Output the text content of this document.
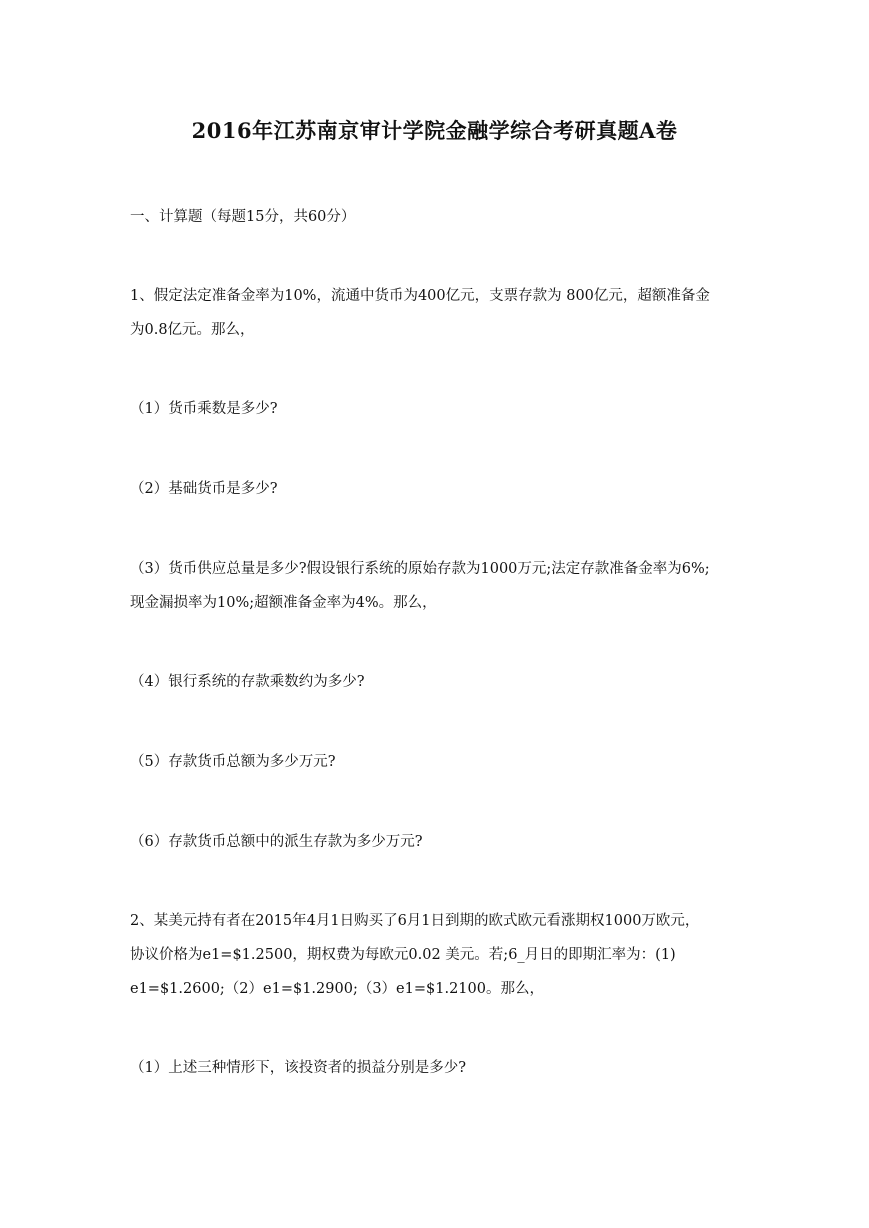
2016年江苏南京审计学院金融学综合考研真题A卷
一、计算题（每题15分，共60分）
1、假定法定准备金率为10%，流通中货币为400亿元，支票存款为 800亿元，超额准备金
为0.8亿元。那么，
（1）货币乘数是多少?
（2）基础货币是多少?
（3）货币供应总量是多少?假设银行系统的原始存款为1000万元;法定存款准备金率为6%;
现金漏损率为10%;超额准备金率为4%。那么，
（4）银行系统的存款乘数约为多少?
（5）存款货币总额为多少万元?
（6）存款货币总额中的派生存款为多少万元?
2、某美元持有者在2015年4月1日购买了6月1日到期的欧式欧元看涨期权1000万欧元，
协议价格为e1=$1.2500，期权费为每欧元0.02 美元。若;6_月日的即期汇率为：(1)
e1=$1.2600;（2）e1=$1.2900;（3）e1=$1.2100。那么，
（1）上述三种情形下，该投资者的损益分别是多少?
